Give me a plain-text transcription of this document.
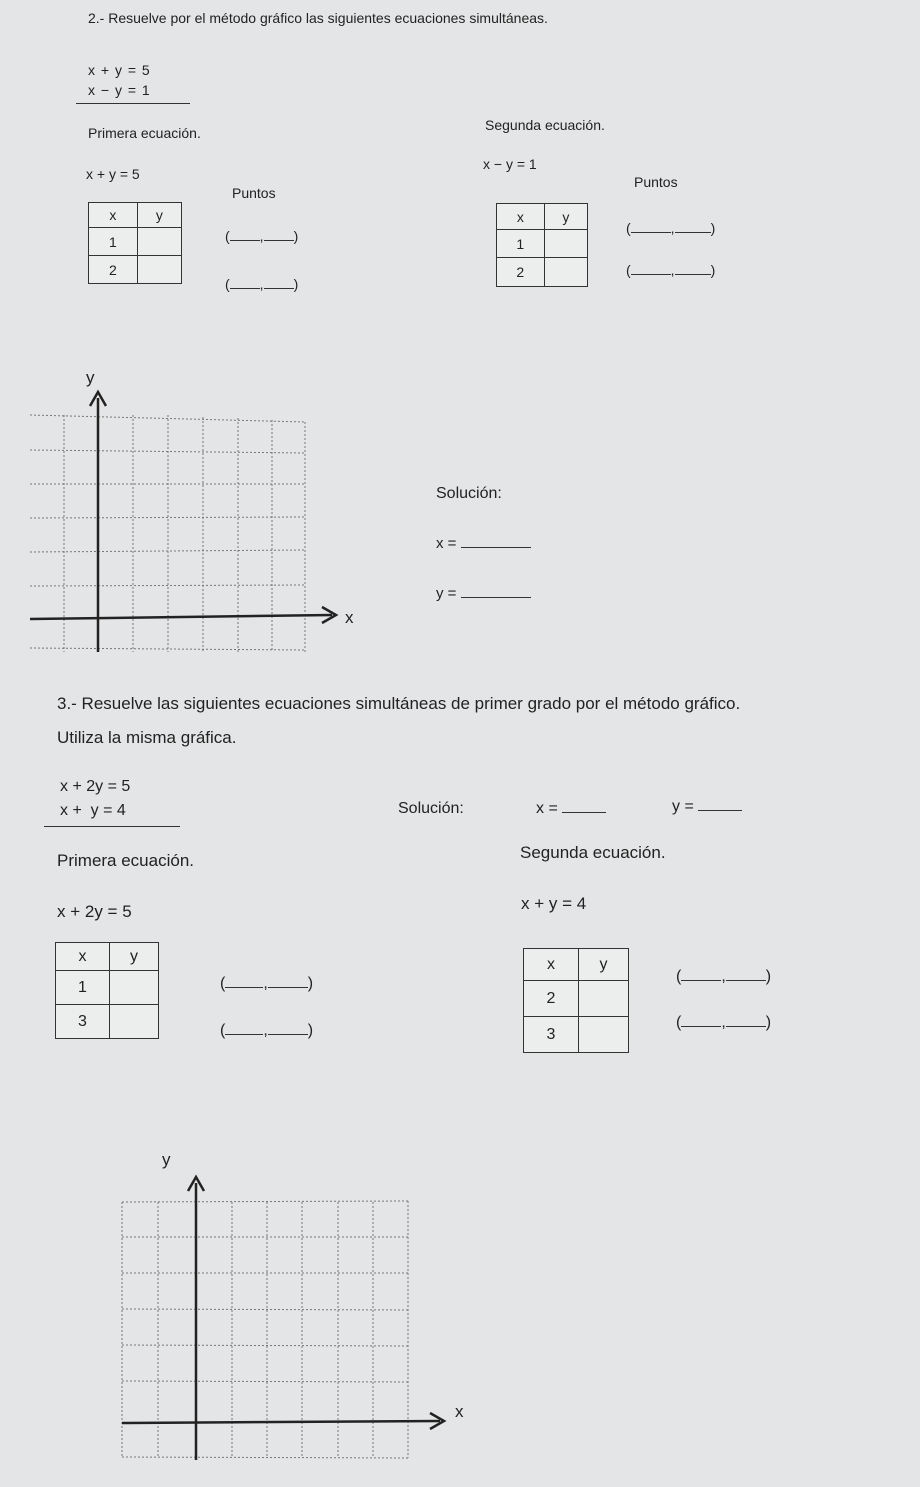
2.- Resuelve por el método gráfico las siguientes ecuaciones simultáneas.
x + y = 5
x − y = 1
Primera ecuación.	Segunda ecuación.
x + y = 5
x − y = 1
Puntos
Puntos
x	y
1	
2	
x	y
1	
2	
( , )
( , )
(	,	)
(	,	)
y
x
Solución:
x =
y =
3.- Resuelve las siguientes ecuaciones simultáneas de primer grado por el método gráfico.
Utiliza la misma gráfica.
x + 2y = 5
x +  y = 4	Solución:	x =	y =
Primera ecuación.	Segunda ecuación.
x + 2y = 5	x + y = 4
x	y
1	
3	
x	y
2	
3	
( ,	)
( ,	)
(	,	)
(	,	)
y
x
